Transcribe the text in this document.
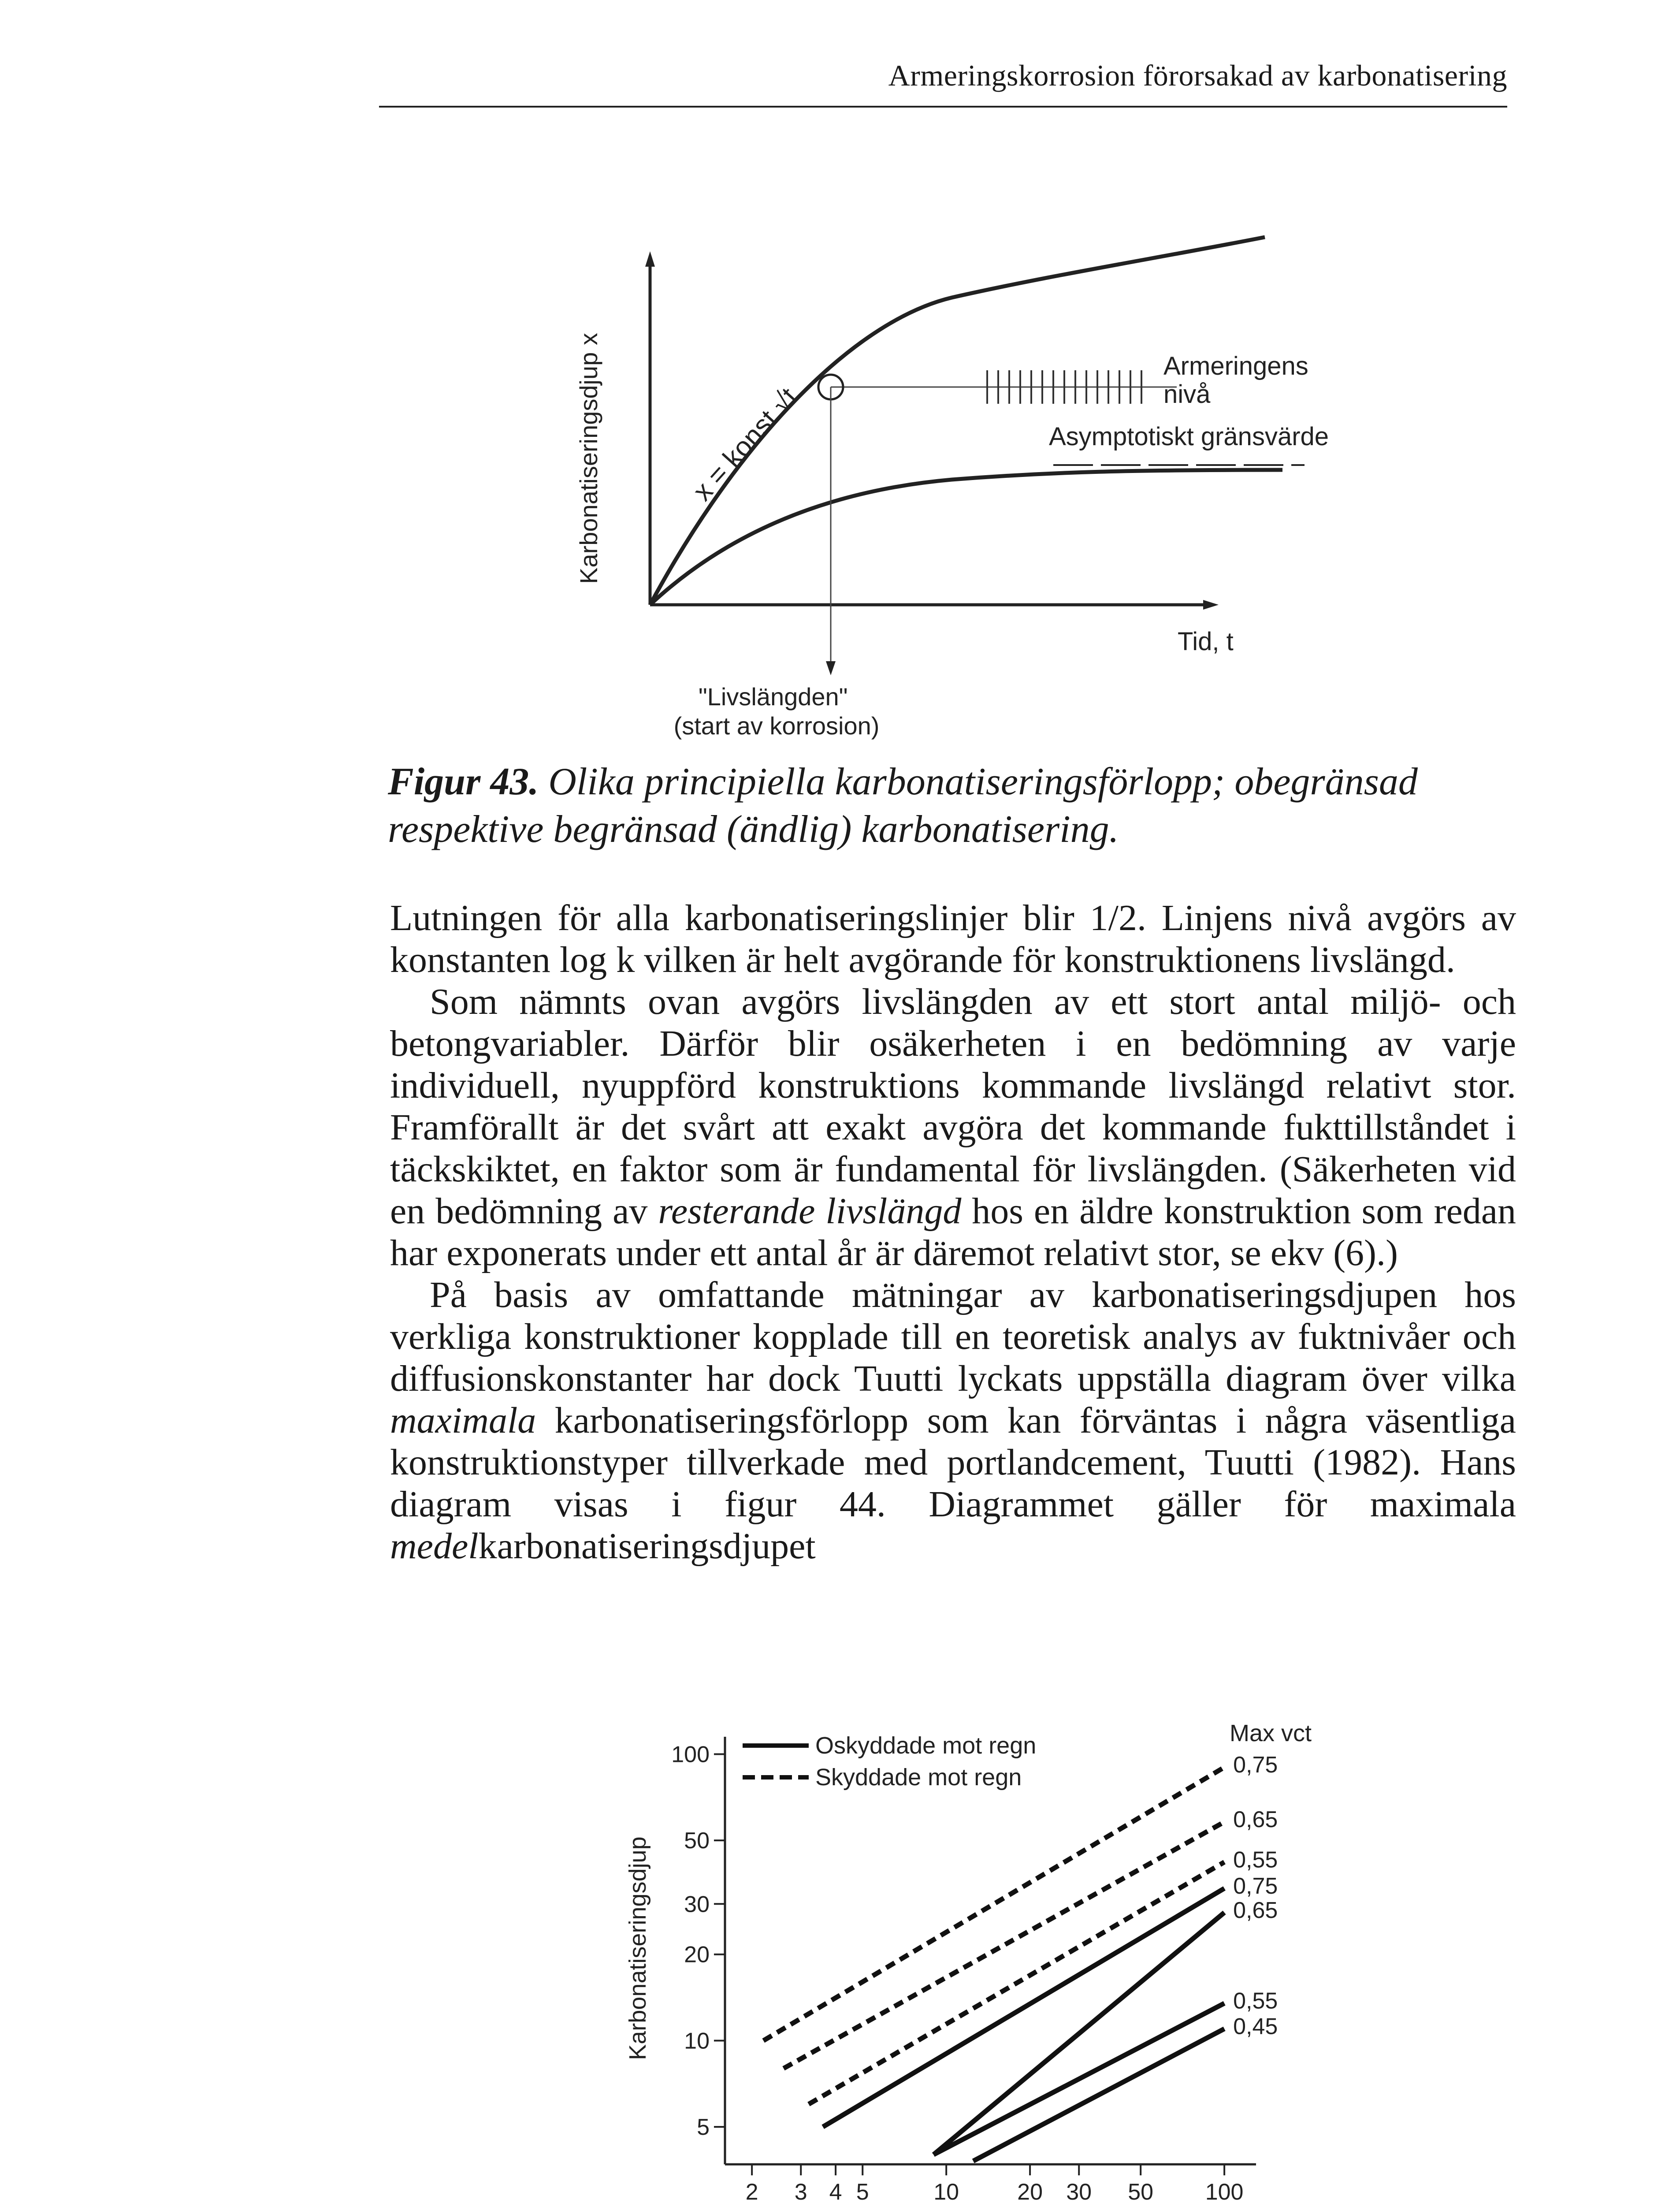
Armeringskorrosion förorsakad av karbonatisering
Karbonatiseringsdjup x	x = konst √t
Armeringens nivå
Asymptotiskt gränsvärde
Tid, t
"Livslängden" (start av korrosion)
Figur 43. Olika principiella karbonatiseringsförlopp; obegränsad respektive begränsad (ändlig) karbonatisering.

Lutningen för alla karbonatiseringslinjer blir 1/2. Linjens nivå avgörs av konstanten log k vilken är helt avgörande för konstruktionens livslängd.

Som nämnts ovan avgörs livslängden av ett stort antal miljö- och betongvariabler. Därför blir osäkerheten i en bedömning av varje individuell, nyuppförd konstruktions kommande livslängd relativt stor. Framförallt är det svårt att exakt avgöra det kommande fukttillståndet i täckskiktet, en faktor som är fundamental för livslängden. (Säkerheten vid en bedömning av resterande livslängd hos en äldre konstruktion som redan har exponerats under ett antal år är däremot relativt stor, se ekv (6).)

På basis av omfattande mätningar av karbonatiseringsdjupen hos verkliga konstruktioner kopplade till en teoretisk analys av fuktnivåer och diffusionskonstanter har dock Tuutti lyckats uppställa diagram över vilka maximala karbonatiseringsförlopp som kan förväntas i några väsentliga konstruktionstyper tillverkade med portlandcement, Tuutti (1982). Hans diagram visas i figur 44. Diagrammet gäller för maximala medelkarbonatiseringsdjupet

Karbonatiseringsdjup
5
10
20
30
50
100
2 3 4 5	10	20 30 50 100
0,75
0,65
0,55
0,75
0,65
0,55
0,45
Oskyddade mot regn
Skyddade mot regn
Max vct
